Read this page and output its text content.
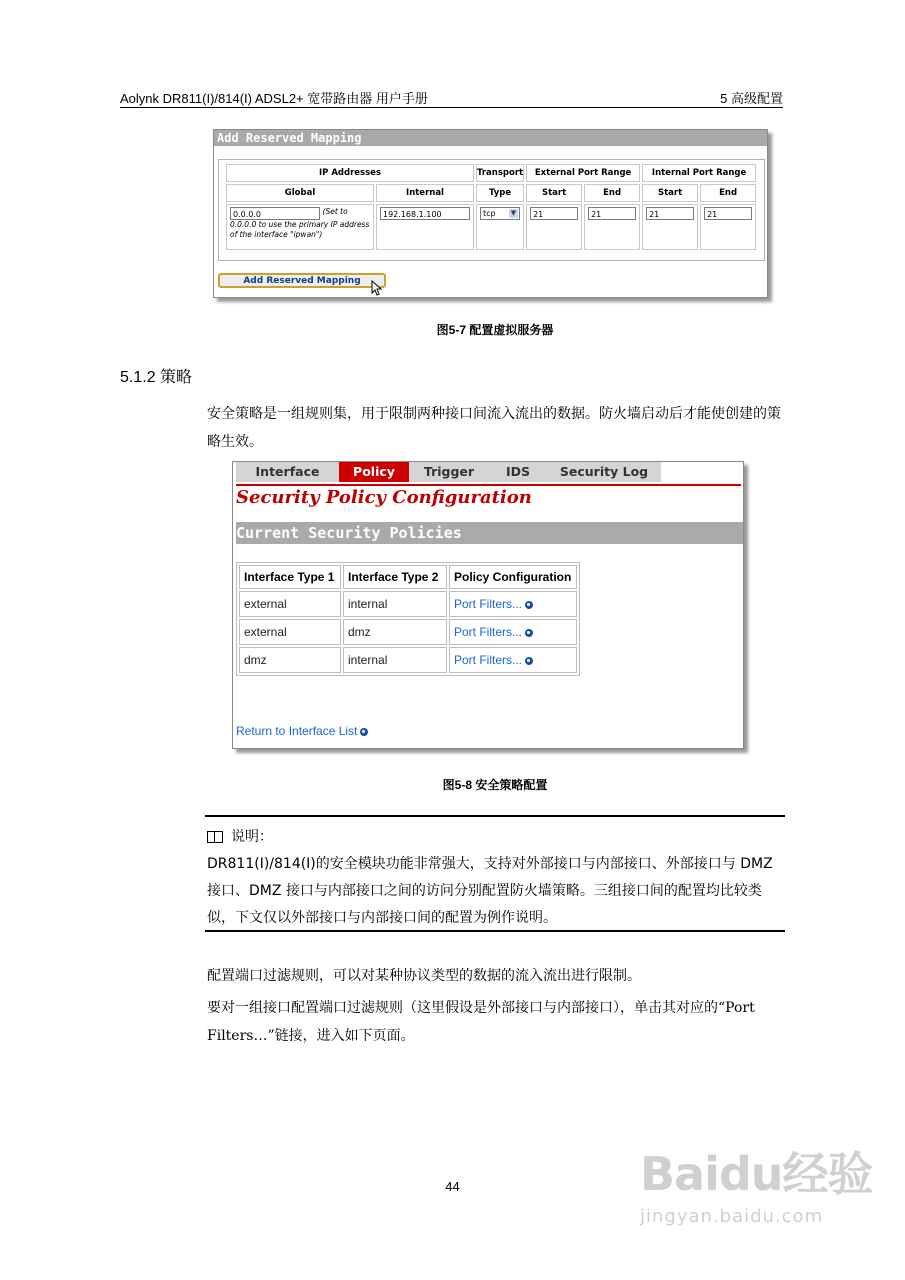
Aolynk DR811(I)/814(I) ADSL2+ 宽带路由器 用户手册	5 高级配置
Add Reserved Mapping
IP Addresses		Transport	External Port Range		Internal Port Range	
Global	Internal	Type	Start	End	Start	End
0.0.0.0 (Set to 0.0.0.0 to use the primary IP address of the interface "ipwan")	192.168.1.100	tcp ▼	21	21	21	21
Add Reserved Mapping
图5-7 配置虚拟服务器
5.1.2 策略
安全策略是一组规则集，用于限制两种接口间流入流出的数据。防火墙启动后才能使创建的策略生效。
Interface	Policy	Trigger	IDS	Security Log
Security Policy Configuration
Current Security Policies
Interface Type 1	Interface Type 2	Policy Configuration
external	internal	Port Filters...
external	dmz	Port Filters...
dmz	internal	Port Filters...
Return to Interface List
图5-8 安全策略配置
说明：
DR811(I)/814(I)的安全模块功能非常强大，支持对外部接口与内部接口、外部接口与 DMZ 接口、DMZ 接口与内部接口之间的访问分别配置防火墙策略。三组接口间的配置均比较类似，下文仅以外部接口与内部接口间的配置为例作说明。
配置端口过滤规则，可以对某种协议类型的数据的流入流出进行限制。
要对一组接口配置端口过滤规则（这里假设是外部接口与内部接口），单击其对应的“Port Filters…”链接，进入如下页面。
44	Baidu经验
jingyan.baidu.com
